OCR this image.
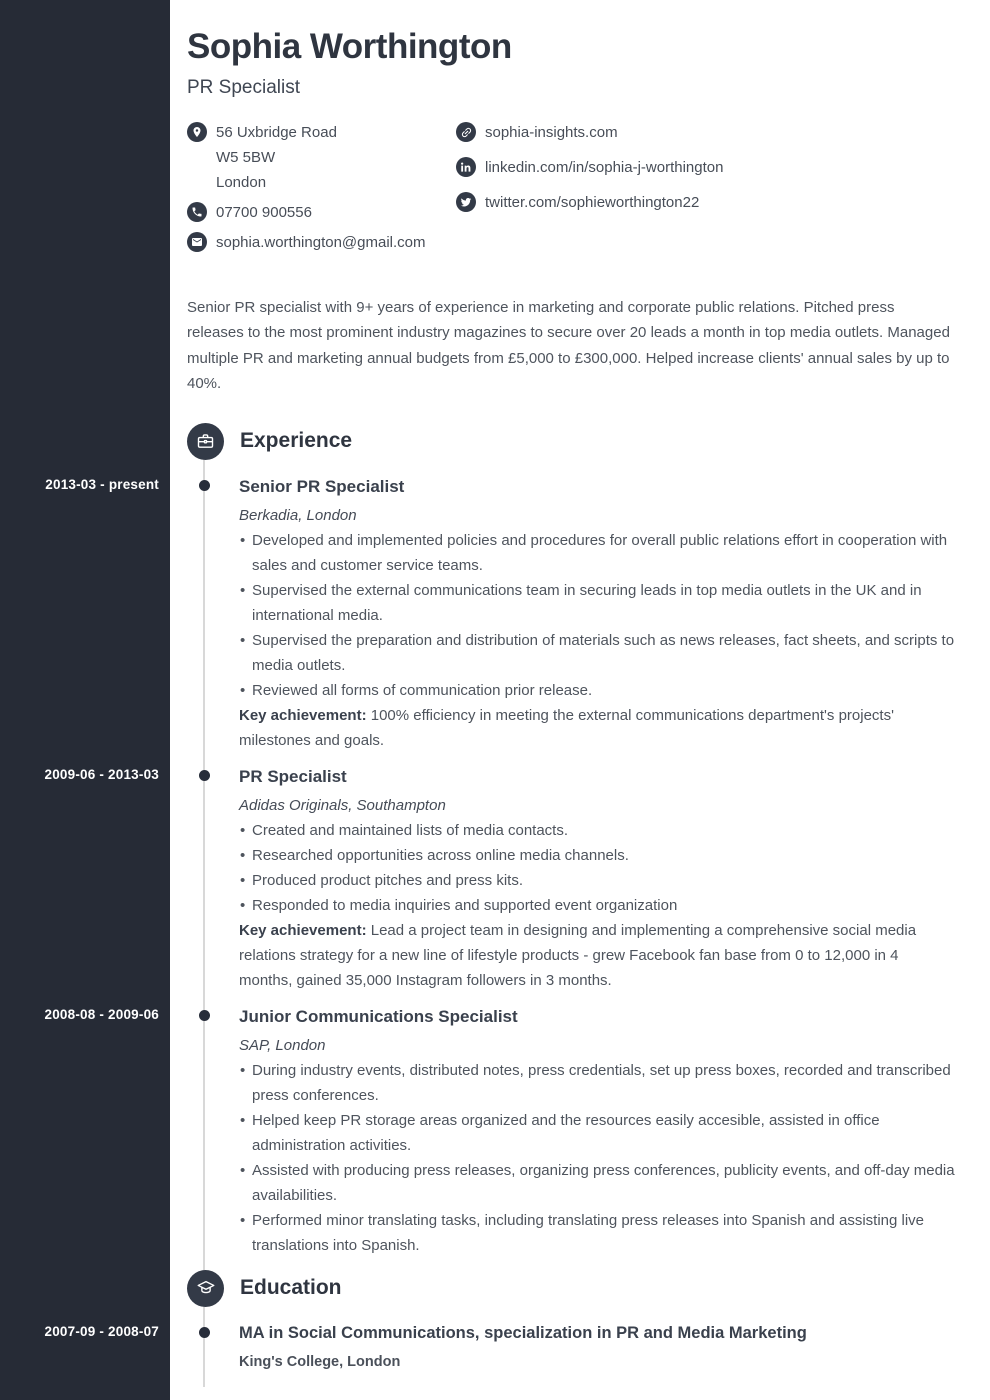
Sophia Worthington
PR Specialist
56 Uxbridge Road
W5 5BW
London
07700 900556
sophia.worthington@gmail.com
sophia-insights.com
linkedin.com/in/sophia-j-worthington
twitter.com/sophieworthington22

Senior PR specialist with 9+ years of experience in marketing and corporate public relations. Pitched press releases to the most prominent industry magazines to secure over 20 leads a month in top media outlets. Managed multiple PR and marketing annual budgets from £5,000 to £300,000. Helped increase clients' annual sales by up to 40%.

Experience
2013-03 - present	Senior PR Specialist
Berkadia, London
• Developed and implemented policies and procedures for overall public relations effort in cooperation with sales and customer service teams.
• Supervised the external communications team in securing leads in top media outlets in the UK and in international media.
• Supervised the preparation and distribution of materials such as news releases, fact sheets, and scripts to media outlets.
• Reviewed all forms of communication prior release.

Key achievement: 100% efficiency in meeting the external communications department's projects' milestones and goals.

2009-06 - 2013-03	PR Specialist
Adidas Originals, Southampton
• Created and maintained lists of media contacts.
• Researched opportunities across online media channels.
• Produced product pitches and press kits.
• Responded to media inquiries and supported event organization

Key achievement: Lead a project team in designing and implementing a comprehensive social media relations strategy for a new line of lifestyle products - grew Facebook fan base from 0 to 12,000 in 4 months, gained 35,000 Instagram followers in 3 months.

2008-08 - 2009-06	Junior Communications Specialist
SAP, London
• During industry events, distributed notes, press credentials, set up press boxes, recorded and transcribed press conferences.
• Helped keep PR storage areas organized and the resources easily accesible, assisted in office administration activities.
• Assisted with producing press releases, organizing press conferences, publicity events, and off-day media availabilities.
• Performed minor translating tasks, including translating press releases into Spanish and assisting live translations into Spanish.
Education
2007-09 - 2008-07	MA in Social Communications, specialization in PR and Media Marketing
King's College, London
